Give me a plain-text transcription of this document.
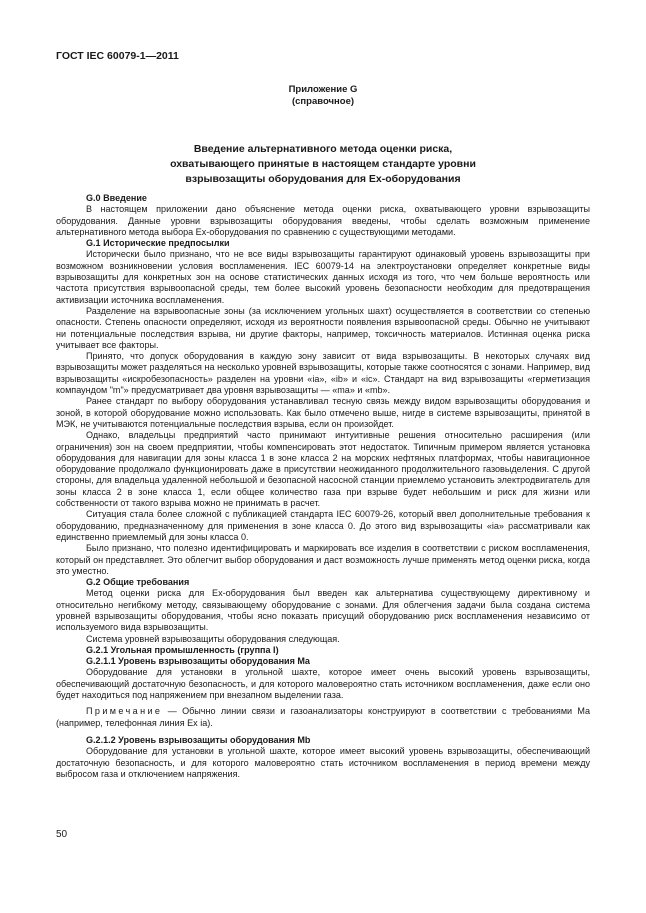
ГОСТ IEC 60079-1—2011
Приложение G
(справочное)
Введение альтернативного метода оценки риска,
охватывающего принятые в настоящем стандарте уровни
взрывозащиты оборудования для Ex-оборудования
G.0 Введение

В настоящем приложении дано объяснение метода оценки риска, охватывающего уровни взрывозащиты оборудования. Данные уровни взрывозащиты оборудования введены, чтобы сделать возможным применение альтернативного метода выбора Ex-оборудования по сравнению с существующими методами.

G.1 Исторические предпосылки

Исторически было признано, что не все виды взрывозащиты гарантируют одинаковый уровень взрывозащиты при возможном возникновении условия воспламенения. IEC 60079-14 на электроустановки определяет конкретные виды взрывозащиты для конкретных зон на основе статистических данных исходя из того, что чем больше вероятность или частота присутствия взрывоопасной среды, тем более высокий уровень безопасности необходим для предотвращения активизации источника воспламенения.

Разделение на взрывоопасные зоны (за исключением угольных шахт) осуществляется в соответствии со степенью опасности. Степень опасности определяют, исходя из вероятности появления взрывоопасной среды. Обычно не учитывают ни потенциальные последствия взрыва, ни другие факторы, например, токсичность материалов. Истинная оценка риска учитывает все факторы.

Принято, что допуск оборудования в каждую зону зависит от вида взрывозащиты. В некоторых случаях вид взрывозащиты может разделяться на несколько уровней взрывозащиты, которые также соотносятся с зонами. Например, вид взрывозащиты «искробезопасность» разделен на уровни «ia», «ib» и «ic». Стандарт на вид взрывозащиты «герметизация компаундом "m"» предусматривает два уровня взрывозащиты — «ma» и «mb».

Ранее стандарт по выбору оборудования устанавливал тесную связь между видом взрывозащиты оборудования и зоной, в которой оборудование можно использовать. Как было отмечено выше, нигде в системе взрывозащиты, принятой в МЭК, не учитываются потенциальные последствия взрыва, если он произойдет.

Однако, владельцы предприятий часто принимают интуитивные решения относительно расширения (или ограничения) зон на своем предприятии, чтобы компенсировать этот недостаток. Типичным примером является установка оборудования для навигации для зоны класса 1 в зоне класса 2 на морских нефтяных платформах, чтобы навигационное оборудование продолжало функционировать даже в присутствии неожиданного продолжительного газовыделения. С другой стороны, для владельца удаленной небольшой и безопасной насосной станции приемлемо установить электродвигатель для зоны класса 2 в зоне класса 1, если общее количество газа при взрыве будет небольшим и риск для жизни или собственности от такого взрыва можно не принимать в расчет.

Ситуация стала более сложной с публикацией стандарта IEC 60079-26, который ввел дополнительные требования к оборудованию, предназначенному для применения в зоне класса 0. До этого вид взрывозащиты «ia» рассматривали как единственно приемлемый для зоны класса 0.

Было признано, что полезно идентифицировать и маркировать все изделия в соответствии с риском воспламенения, который он представляет. Это облегчит выбор оборудования и даст возможность лучше применять метод оценки риска, когда это уместно.

G.2 Общие требования

Метод оценки риска для Ex-оборудования был введен как альтернатива существующему директивному и относительно негибкому методу, связывающему оборудование с зонами. Для облегчения задачи была создана система уровней взрывозащиты оборудования, чтобы ясно показать присущий оборудованию риск воспламенения независимо от используемого вида взрывозащиты.

Система уровней взрывозащиты оборудования следующая.

G.2.1 Угольная промышленность (группа I)
G.2.1.1 Уровень взрывозащиты оборудования Ma

Оборудование для установки в угольной шахте, которое имеет очень высокий уровень взрывозащиты, обеспечивающий достаточную безопасность, и для которого маловероятно стать источником воспламенения, даже если оно будет находиться под напряжением при внезапном выделении газа.

Примечание — Обычно линии связи и газоанализаторы конструируют в соответствии с требованиями Ma (например, телефонная линия Ex ia).

G.2.1.2 Уровень взрывозащиты оборудования Mb

Оборудование для установки в угольной шахте, которое имеет высокий уровень взрывозащиты, обеспечивающий достаточную безопасность, и для которого маловероятно стать источником воспламенения в период времени между выбросом газа и отключением напряжения.

50
